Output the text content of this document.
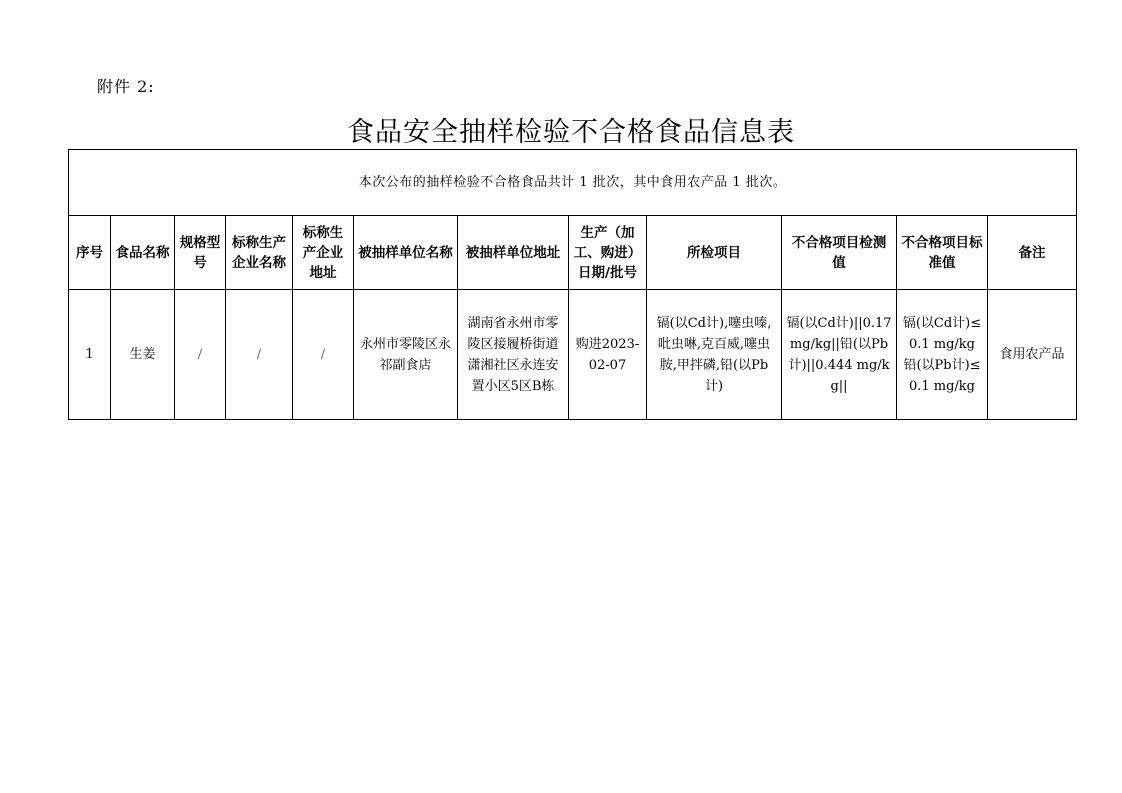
附件 2:
食品安全抽样检验不合格食品信息表
本次公布的抽样检验不合格食品共计 1 批次，其中食用农产品 1 批次。											
序号	食品名称	规格型号	标称生产企业名称	标称生产企业地址	被抽样单位名称	被抽样单位地址	生产（加工、购进）日期/批号	所检项目	不合格项目检测值	不合格项目标准值	备注
1	生姜	/	/	/	永州市零陵区永祁副食店	湖南省永州市零陵区接履桥街道潇湘社区永连安置小区5区B栋	购进2023-02-07	镉(以Cd计),噻虫嗪,吡虫啉,克百威,噻虫胺,甲拌磷,铅(以Pb计)	镉(以Cd计)||0.17 mg/kg||铅(以Pb计)||0.444 mg/kg||	镉(以Cd计)≤0.1 mg/kg 铅(以Pb计)≤0.1 mg/kg	食用农产品
